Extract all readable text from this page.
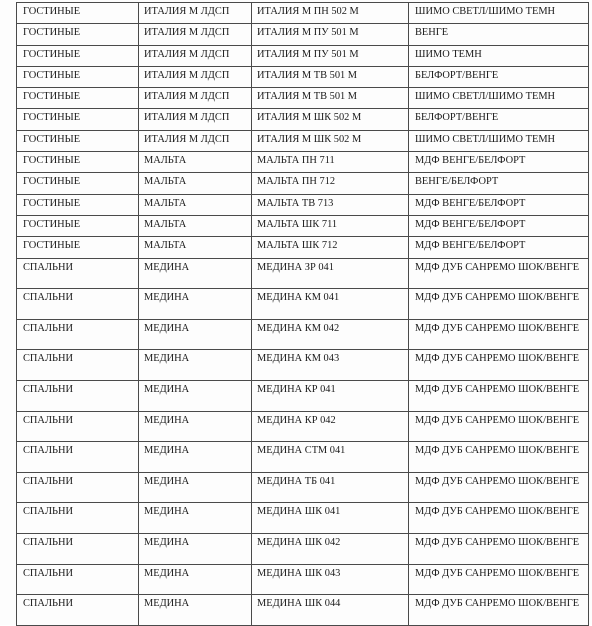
ГОСТИНЫЕ	ИТАЛИЯ М ЛДСП	ИТАЛИЯ М ПН 502 М	ШИМО СВЕТЛ/ШИМО ТЕМН
ГОСТИНЫЕ	ИТАЛИЯ М ЛДСП	ИТАЛИЯ М ПУ 501 М	ВЕНГЕ
ГОСТИНЫЕ	ИТАЛИЯ М ЛДСП	ИТАЛИЯ М ПУ 501 М	ШИМО ТЕМН
ГОСТИНЫЕ	ИТАЛИЯ М ЛДСП	ИТАЛИЯ М ТВ 501 М	БЕЛФОРТ/ВЕНГЕ
ГОСТИНЫЕ	ИТАЛИЯ М ЛДСП	ИТАЛИЯ М ТВ 501 М	ШИМО СВЕТЛ/ШИМО ТЕМН
ГОСТИНЫЕ	ИТАЛИЯ М ЛДСП	ИТАЛИЯ М ШК 502 М	БЕЛФОРТ/ВЕНГЕ
ГОСТИНЫЕ	ИТАЛИЯ М ЛДСП	ИТАЛИЯ М ШК 502 М	ШИМО СВЕТЛ/ШИМО ТЕМН
ГОСТИНЫЕ	МАЛЬТА	МАЛЬТА ПН 711	МДФ ВЕНГЕ/БЕЛФОРТ
ГОСТИНЫЕ	МАЛЬТА	МАЛЬТА ПН 712	ВЕНГЕ/БЕЛФОРТ
ГОСТИНЫЕ	МАЛЬТА	МАЛЬТА ТВ 713	МДФ ВЕНГЕ/БЕЛФОРТ
ГОСТИНЫЕ	МАЛЬТА	МАЛЬТА ШК 711	МДФ ВЕНГЕ/БЕЛФОРТ
ГОСТИНЫЕ	МАЛЬТА	МАЛЬТА ШК 712	МДФ ВЕНГЕ/БЕЛФОРТ
СПАЛЬНИ	МЕДИНА	МЕДИНА ЗР 041	МДФ ДУБ САНРЕМО ШОК/ВЕНГЕ
СПАЛЬНИ	МЕДИНА	МЕДИНА КМ 041	МДФ ДУБ САНРЕМО ШОК/ВЕНГЕ
СПАЛЬНИ	МЕДИНА	МЕДИНА КМ 042	МДФ ДУБ САНРЕМО ШОК/ВЕНГЕ
СПАЛЬНИ	МЕДИНА	МЕДИНА КМ 043	МДФ ДУБ САНРЕМО ШОК/ВЕНГЕ
СПАЛЬНИ	МЕДИНА	МЕДИНА КР 041	МДФ ДУБ САНРЕМО ШОК/ВЕНГЕ
СПАЛЬНИ	МЕДИНА	МЕДИНА КР 042	МДФ ДУБ САНРЕМО ШОК/ВЕНГЕ
СПАЛЬНИ	МЕДИНА	МЕДИНА СТМ 041	МДФ ДУБ САНРЕМО ШОК/ВЕНГЕ
СПАЛЬНИ	МЕДИНА	МЕДИНА ТБ 041	МДФ ДУБ САНРЕМО ШОК/ВЕНГЕ
СПАЛЬНИ	МЕДИНА	МЕДИНА ШК 041	МДФ ДУБ САНРЕМО ШОК/ВЕНГЕ
СПАЛЬНИ	МЕДИНА	МЕДИНА ШК 042	МДФ ДУБ САНРЕМО ШОК/ВЕНГЕ
СПАЛЬНИ	МЕДИНА	МЕДИНА ШК 043	МДФ ДУБ САНРЕМО ШОК/ВЕНГЕ
СПАЛЬНИ	МЕДИНА	МЕДИНА ШК 044	МДФ ДУБ САНРЕМО ШОК/ВЕНГЕ
